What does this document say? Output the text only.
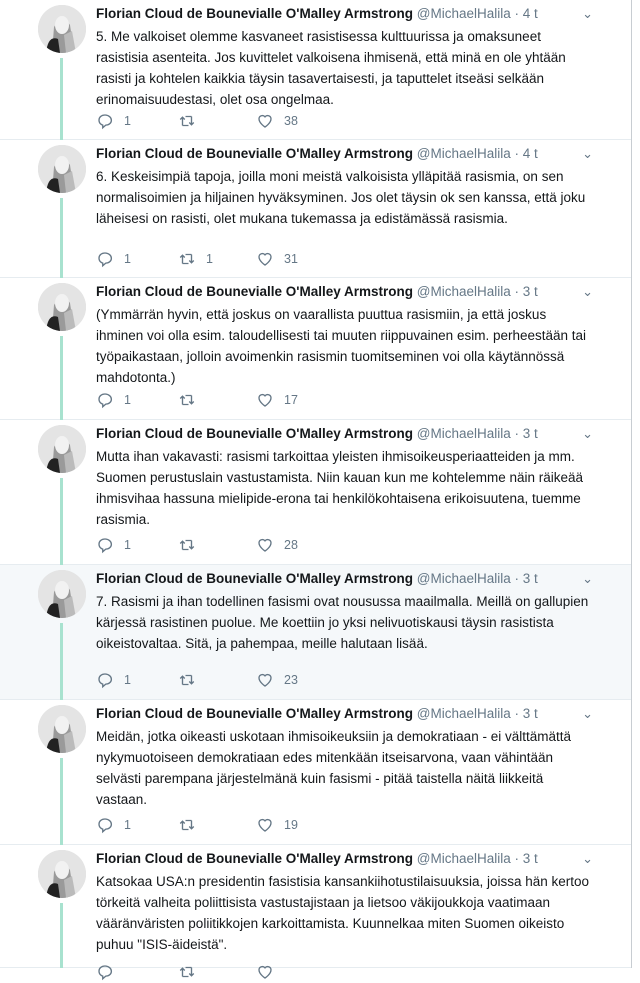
Florian Cloud de Bounevialle O'Malley Armstrong @MichaelHalila · 4 t	⌄
5. Me valkoiset olemme kasvaneet rasistisessa kulttuurissa ja omaksuneet rasistisia asenteita. Jos kuvittelet valkoisena ihmisenä, että minä en ole yhtään rasisti ja kohtelen kaikkia täysin tasavertaisesti, ja taputtelet itseäsi selkään erinomaisuudestasi, olet osa ongelmaa.
1	38
Florian Cloud de Bounevialle O'Malley Armstrong @MichaelHalila · 4 t	⌄
6. Keskeisimpiä tapoja, joilla moni meistä valkoisista ylläpitää rasismia, on sen normalisoimien ja hiljainen hyväksyminen. Jos olet täysin ok sen kanssa, että joku läheisesi on rasisti, olet mukana tukemassa ja edistämässä rasismia.
1	1	31
Florian Cloud de Bounevialle O'Malley Armstrong @MichaelHalila · 3 t	⌄
(Ymmärrän hyvin, että joskus on vaarallista puuttua rasismiin, ja että joskus ihminen voi olla esim. taloudellisesti tai muuten riippuvainen esim. perheestään tai työpaikastaan, jolloin avoimenkin rasismin tuomitseminen voi olla käytännössä mahdotonta.)
1	17
Florian Cloud de Bounevialle O'Malley Armstrong @MichaelHalila · 3 t	⌄
Mutta ihan vakavasti: rasismi tarkoittaa yleisten ihmisoikeusperiaatteiden ja mm. Suomen perustuslain vastustamista. Niin kauan kun me kohtelemme näin räikeää ihmisvihaa hassuna mielipide-erona tai henkilökohtaisena erikoisuutena, tuemme rasismia.
1	28
Florian Cloud de Bounevialle O'Malley Armstrong @MichaelHalila · 3 t	⌄
7. Rasismi ja ihan todellinen fasismi ovat nousussa maailmalla. Meillä on gallupien kärjessä rasistinen puolue. Me koettiin jo yksi nelivuotiskausi täysin rasistista oikeistovaltaa. Sitä, ja pahempaa, meille halutaan lisää.
1	23
Florian Cloud de Bounevialle O'Malley Armstrong @MichaelHalila · 3 t	⌄
Meidän, jotka oikeasti uskotaan ihmisoikeuksiin ja demokratiaan - ei välttämättä nykymuotoiseen demokratiaan edes mitenkään itseisarvona, vaan vähintään selvästi parempana järjestelmänä kuin fasismi - pitää taistella näitä liikkeitä vastaan.
1	19
Florian Cloud de Bounevialle O'Malley Armstrong @MichaelHalila · 3 t	⌄
Katsokaa USA:n presidentin fasistisia kansankiihotustilaisuuksia, joissa hän kertoo törkeitä valheita poliittisista vastustajistaan ja lietsoo väkijoukkoja vaatimaan vääränväristen poliitikkojen karkoittamista. Kuunnelkaa miten Suomen oikeisto puhuu "ISIS-äideistä".
